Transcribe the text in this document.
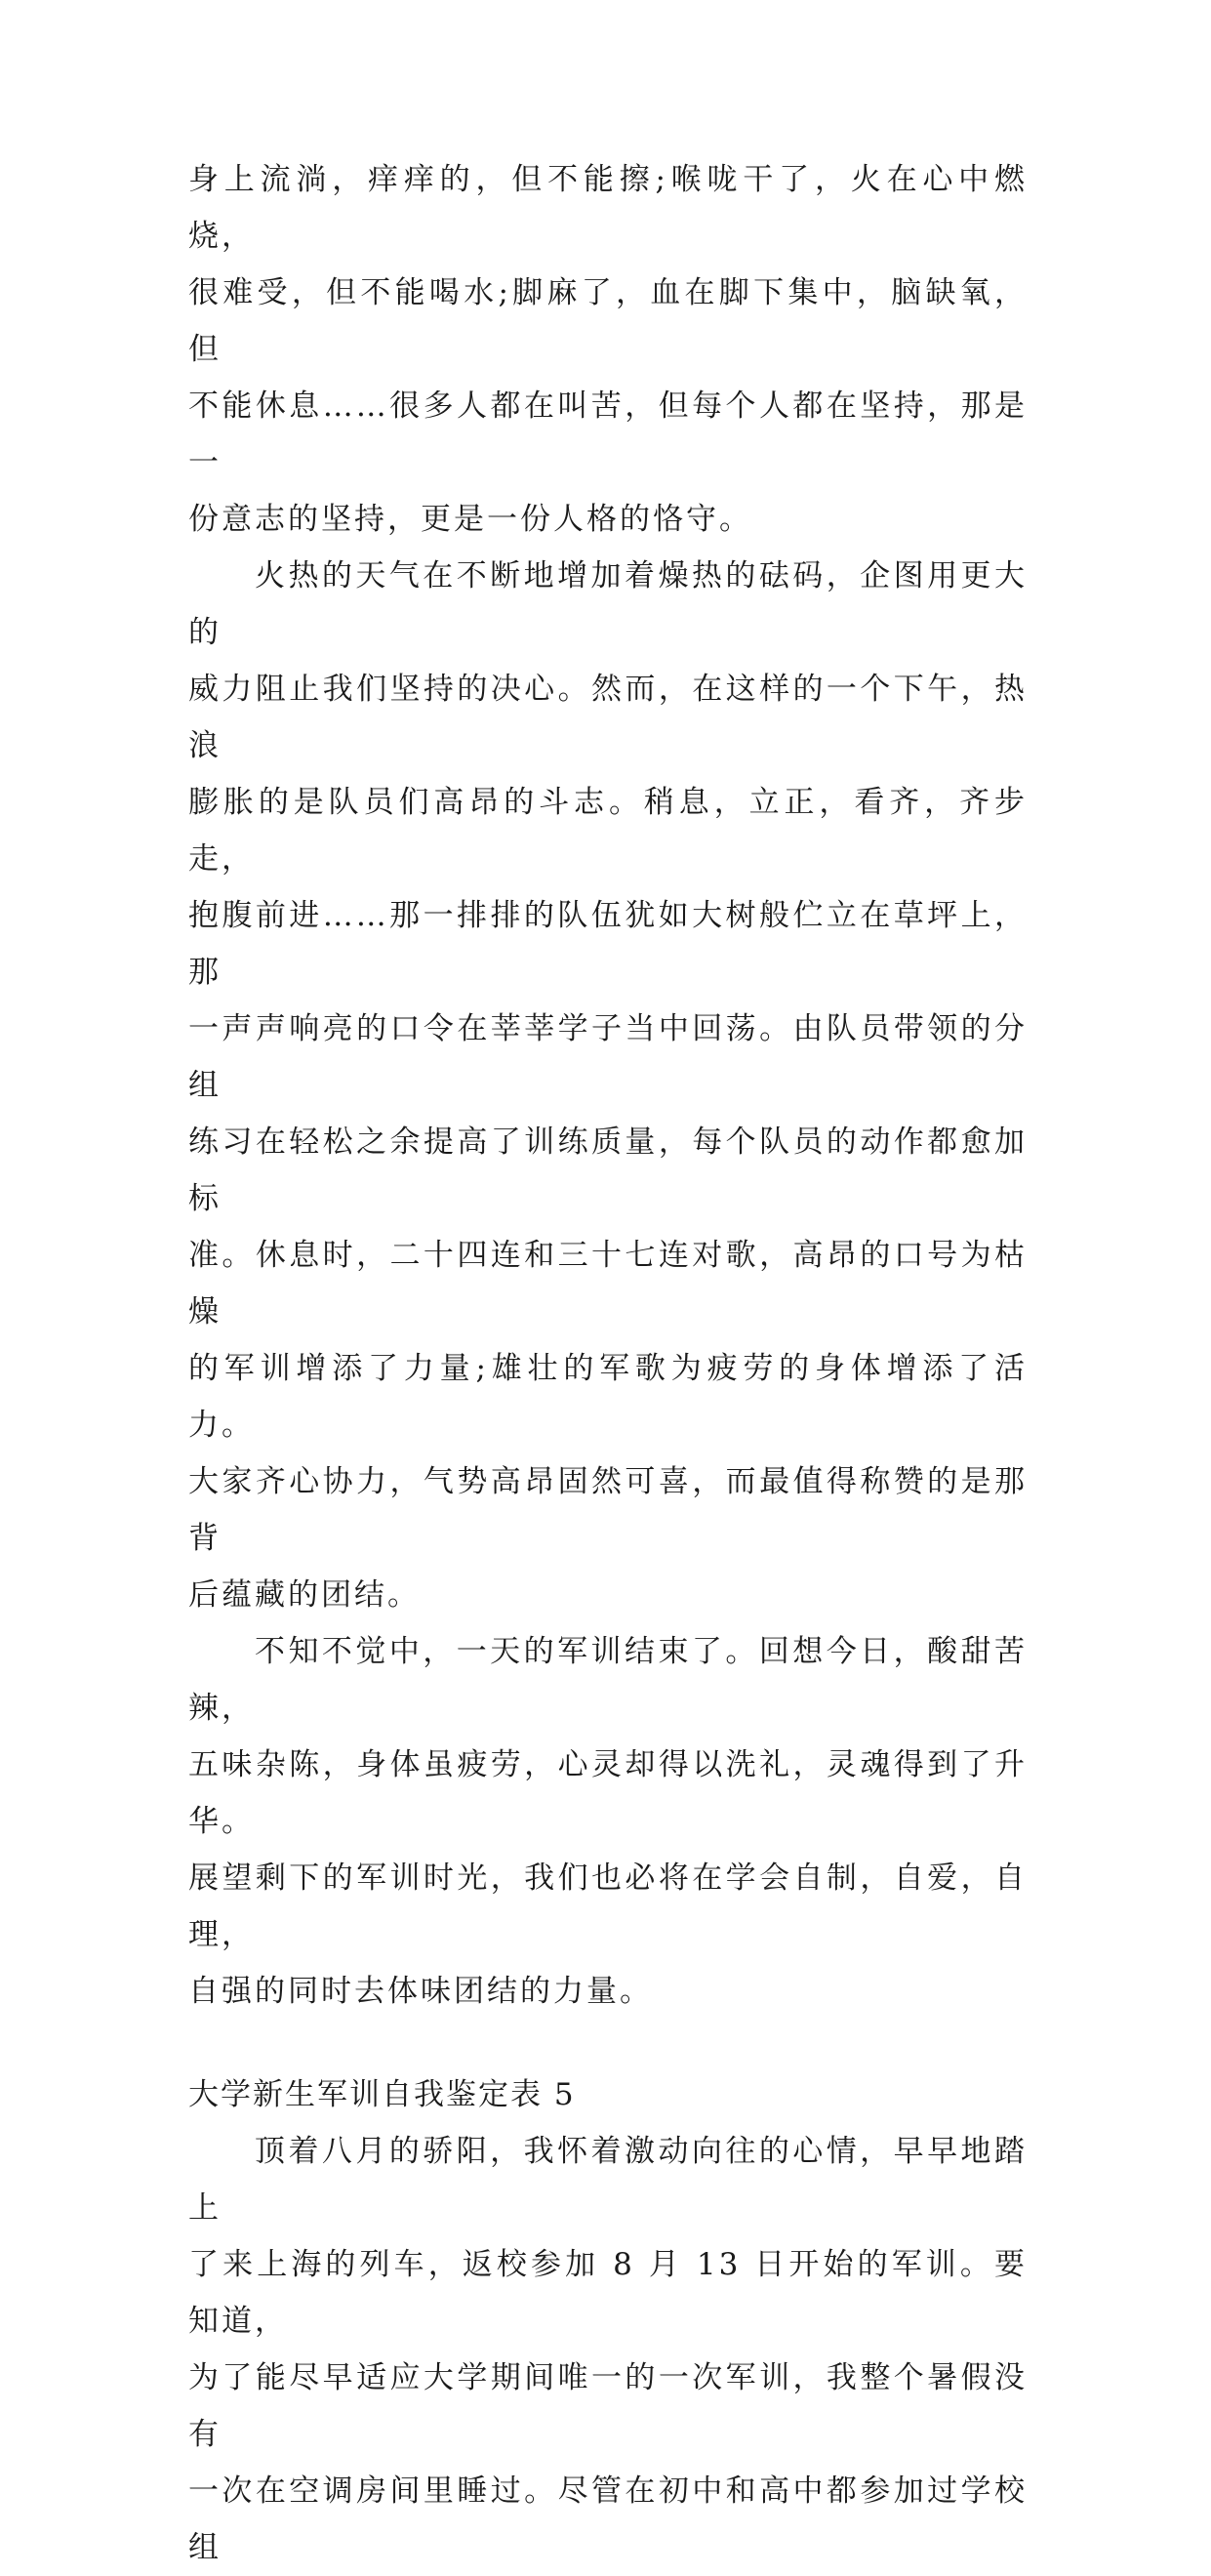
身上流淌，痒痒的，但不能擦;喉咙干了，火在心中燃烧，
很难受，但不能喝水;脚麻了，血在脚下集中，脑缺氧，但
不能休息……很多人都在叫苦，但每个人都在坚持，那是一
份意志的坚持，更是一份人格的恪守。

火热的天气在不断地增加着燥热的砝码，企图用更大的
威力阻止我们坚持的决心。然而，在这样的一个下午，热浪
膨胀的是队员们高昂的斗志。稍息，立正，看齐，齐步走，
抱腹前进……那一排排的队伍犹如大树般伫立在草坪上，那
一声声响亮的口令在莘莘学子当中回荡。由队员带领的分组
练习在轻松之余提高了训练质量，每个队员的动作都愈加标
准。休息时，二十四连和三十七连对歌，高昂的口号为枯燥
的军训增添了力量;雄壮的军歌为疲劳的身体增添了活力。
大家齐心协力，气势高昂固然可喜，而最值得称赞的是那背
后蕴藏的团结。

不知不觉中，一天的军训结束了。回想今日，酸甜苦辣，
五味杂陈，身体虽疲劳，心灵却得以洗礼，灵魂得到了升华。
展望剩下的军训时光，我们也必将在学会自制，自爱，自理，
自强的同时去体味团结的力量。

大学新生军训自我鉴定表 5

顶着八月的骄阳，我怀着激动向往的心情，早早地踏上
了来上海的列车，返校参加 8 月 13 日开始的军训。要知道，
为了能尽早适应大学期间唯一的一次军训，我整个暑假没有
一次在空调房间里睡过。尽管在初中和高中都参加过学校组
